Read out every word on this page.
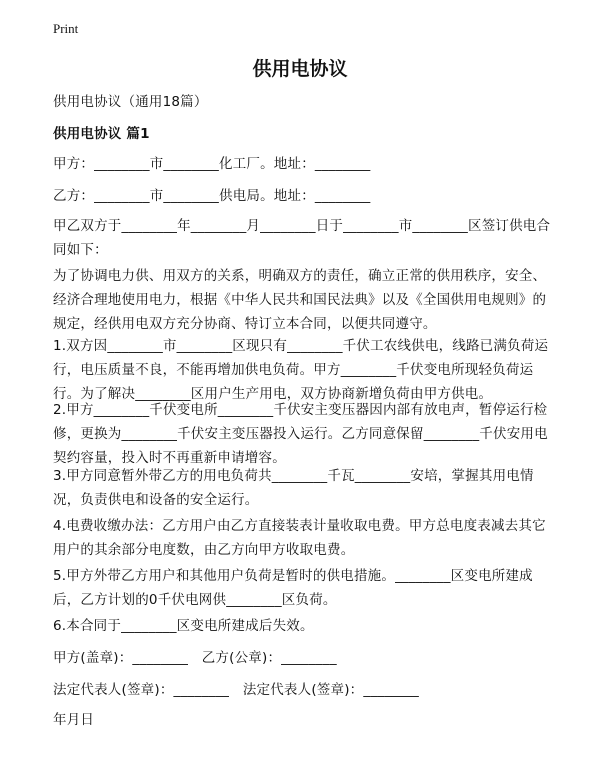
Print
供用电协议

供用电协议（通用18篇）

供用电协议 篇1

甲方：________市________化工厂。地址：________

乙方：________市________供电局。地址：________

甲乙双方于________年________月________日于________市________区签订供电合同如下：

为了协调电力供、用双方的关系，明确双方的责任，确立正常的供用秩序，安全、经济合理地使用电力，根据《中华人民共和国民法典》以及《全国供用电规则》的规定，经供用电双方充分协商、特订立本合同，以便共同遵守。

1.双方因________市________区现只有________千伏工农线供电，线路已满负荷运行，电压质量不良，不能再增加供电负荷。甲方________千伏变电所现轻负荷运行。为了解决________区用户生产用电，双方协商新增负荷由甲方供电。

2.甲方________千伏变电所________千伏安主变压器因内部有放电声，暂停运行检修，更换为________千伏安主变压器投入运行。乙方同意保留________千伏安用电契约容量，投入时不再重新申请增容。

3.甲方同意暂外带乙方的用电负荷共________千瓦________安培，掌握其用电情况，负责供电和设备的安全运行。

4.电费收缴办法：乙方用户由乙方直接装表计量收取电费。甲方总电度表减去其它用户的其余部分电度数，由乙方向甲方收取电费。

5.甲方外带乙方用户和其他用户负荷是暂时的供电措施。________区变电所建成后，乙方计划的0千伏电网供________区负荷。

6.本合同于________区变电所建成后失效。

甲方(盖章)：________　乙方(公章)：________

法定代表人(签章)：________　法定代表人(签章)：________

年月日
